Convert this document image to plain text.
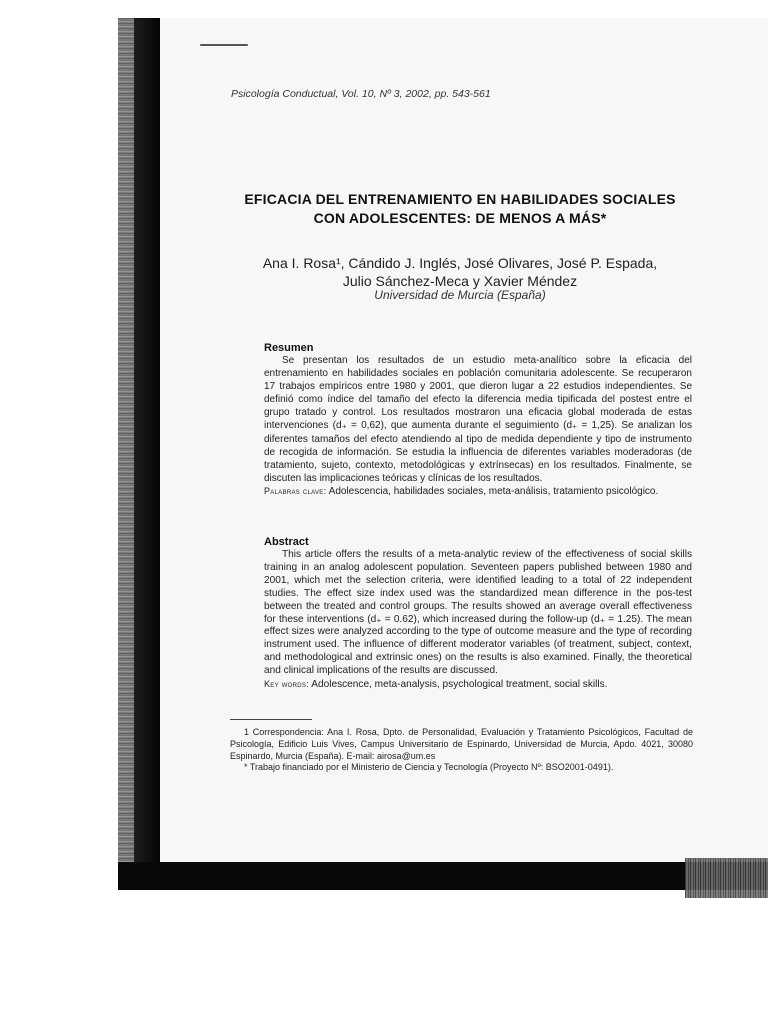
Psicología Conductual, Vol. 10, Nº 3, 2002, pp. 543-561
EFICACIA DEL ENTRENAMIENTO EN HABILIDADES SOCIALES
CON ADOLESCENTES: DE MENOS A MÁS*
Ana I. Rosa¹, Cándido J. Inglés, José Olivares, José P. Espada,
Julio Sánchez-Meca y Xavier Méndez
Universidad de Murcia (España)
Resumen
Se presentan los resultados de un estudio meta-analítico sobre la eficacia del entrenamiento en habilidades sociales en población comunitaria adolescente. Se recuperaron 17 trabajos empíricos entre 1980 y 2001, que dieron lugar a 22 estudios independientes. Se definió como índice del tamaño del efecto la diferencia media tipificada del postest entre el grupo tratado y control. Los resultados mostraron una eficacia global moderada de estas intervenciones (d₊ = 0,62), que aumenta durante el seguimiento (d₊ = 1,25). Se analizan los diferentes tamaños del efecto atendiendo al tipo de medida dependiente y tipo de instrumento de recogida de información. Se estudia la influencia de diferentes variables moderadoras (de tratamiento, sujeto, contexto, metodológicas y extrínsecas) en los resultados. Finalmente, se discuten las implicaciones teóricas y clínicas de los resultados.
Palabras clave: Adolescencia, habilidades sociales, meta-análisis, tratamiento psicológico.
Abstract
This article offers the results of a meta-analytic review of the effectiveness of social skills training in an analog adolescent population. Seventeen papers published between 1980 and 2001, which met the selection criteria, were identified leading to a total of 22 independent studies. The effect size index used was the standardized mean difference in the pos-test between the treated and control groups. The results showed an average overall effectiveness for these interventions (d₊ = 0.62), which increased during the follow-up (d₊ = 1.25). The mean effect sizes were analyzed according to the type of outcome measure and the type of recording instrument used. The influence of different moderator variables (of treatment, subject, context, and methodological and extrinsic ones) on the results is also examined. Finally, the theoretical and clinical implications of the results are discussed.
Key words: Adolescence, meta-analysis, psychological treatment, social skills.

1 Correspondencia: Ana I. Rosa, Dpto. de Personalidad, Evaluación y Tratamiento Psicológicos, Facultad de Psicología, Edificio Luis Vives, Campus Universitario de Espinardo, Universidad de Murcia, Apdo. 4021, 30080 Espinardo, Murcia (España). E-mail: airosa@um.es

* Trabajo financiado por el Ministerio de Ciencia y Tecnología (Proyecto Nº: BSO2001-0491).
